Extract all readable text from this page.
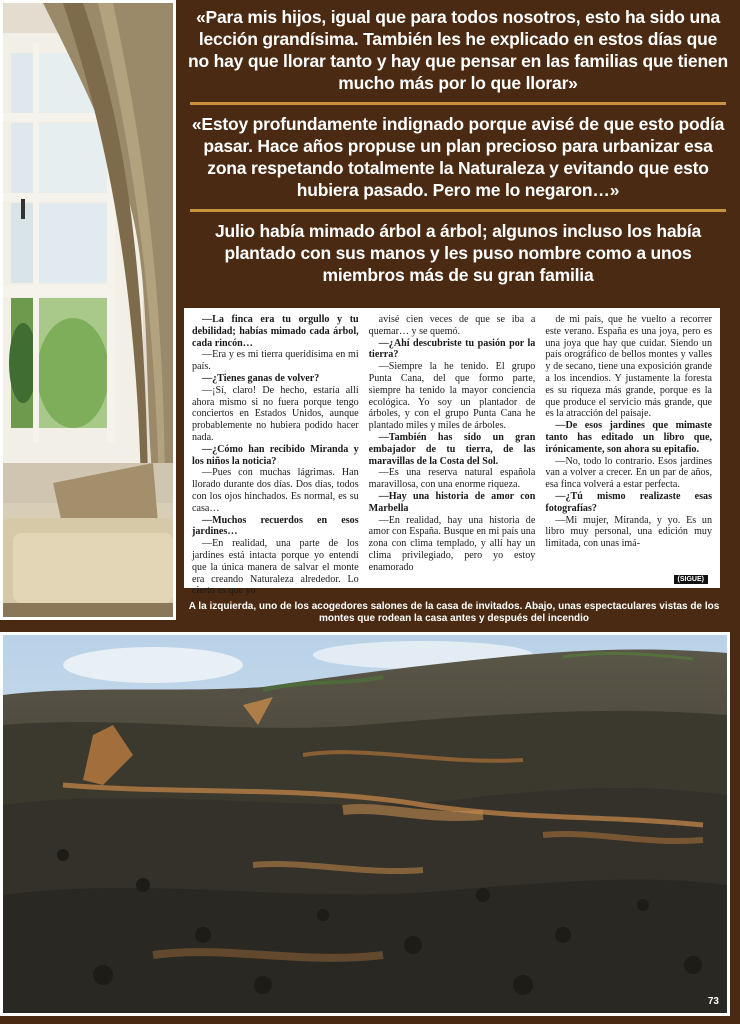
«Para mis hijos, igual que para todos nosotros, esto ha sido una lección grandísima. También les he explicado en estos días que no hay que llorar tanto y hay que pensar en las familias que tienen mucho más por lo que llorar»
«Estoy profundamente indignado porque avisé de que esto podía pasar. Hace años propuse un plan precioso para urbanizar esa zona respetando totalmente la Naturaleza y evitando que esto hubiera pasado. Pero me lo negaron…»
Julio había mimado árbol a árbol; algunos incluso los había plantado con sus manos y les puso nombre como a unos miembros más de su gran familia

—La finca era tu orgullo y tu debilidad; habías mimado cada árbol, cada rincón…

—Era y es mi tierra queridísima en mi país.

—¿Tienes ganas de volver?

—¡Sí, claro! De hecho, estaría allí ahora mismo si no fuera porque tengo conciertos en Estados Unidos, aunque probablemente no hubiera podido hacer nada.

—¿Cómo han recibido Miranda y los niños la noticia?

—Pues con muchas lágrimas. Han llorado durante dos días. Dos días, todos con los ojos hinchados. Es normal, es su casa…

—Muchos recuerdos en esos jardines…

—En realidad, una parte de los jardines está intacta porque yo entendí que la única manera de salvar el monte era creando Naturaleza alrededor. Lo cierto es que yo

avisé cien veces de que se iba a quemar… y se quemó.

—¿Ahí descubriste tu pasión por la tierra?

—Siempre la he tenido. El grupo Punta Cana, del que formo parte, siempre ha tenido la mayor conciencia ecológica. Yo soy un plantador de árboles, y con el grupo Punta Cana he plantado miles y miles de árboles.

—También has sido un gran embajador de tu tierra, de las maravillas de la Costa del Sol.

—Es una reserva natural española maravillosa, con una enorme riqueza.

—Hay una historia de amor con Marbella

—En realidad, hay una historia de amor con España. Busque en mi país una zona con clima templado, y allí hay un clima privilegiado, pero yo estoy enamorado

de mi país, que he vuelto a recorrer este verano. España es una joya, pero es una joya que hay que cuidar. Siendo un país orográfico de bellos montes y valles y de secano, tiene una exposición grande a los incendios. Y justamente la foresta es su riqueza más grande, porque es la que produce el servicio más grande, que es la atracción del paisaje.

—De esos jardines que mimaste tanto has editado un libro que, irónicamente, son ahora su epitafio.

—No, todo lo contrario. Esos jardines van a volver a crecer. En un par de años, esa finca volverá a estar perfecta.

—¿Tú mismo realizaste esas fotografías?

—Mi mujer, Miranda, y yo. Es un libro muy personal, una edición muy limitada, con unas imá-

(SIGUE)
A la izquierda, uno de los acogedores salones de la casa de invitados. Abajo, unas espectaculares vistas de los montes que rodean la casa antes y después del incendio
73
